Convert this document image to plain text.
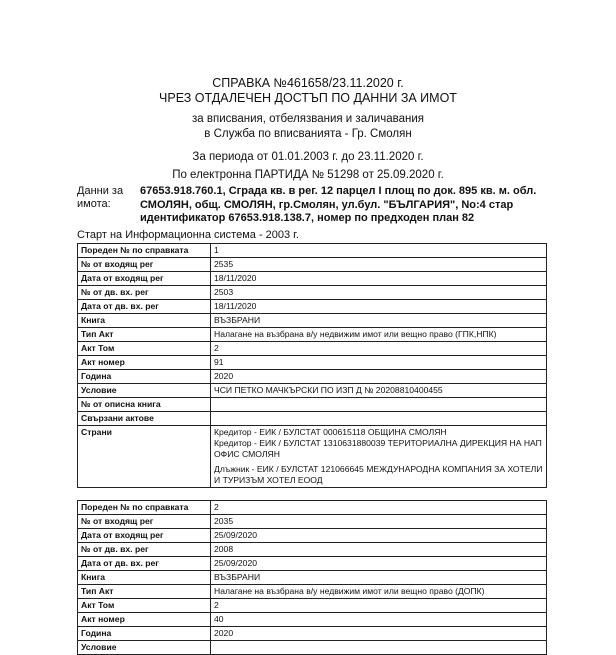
СПРАВКА №461658/23.11.2020 г.
ЧРЕЗ ОТДАЛЕЧЕН ДОСТЪП ПО ДАННИ ЗА ИМОТ
за вписвания, отбелязвания и заличавания
в Служба по вписванията - Гр. Смолян
За периода от 01.01.2003 г. до 23.11.2020 г.
По електронна ПАРТИДА № 51298 от 25.09.2020 г.
Данни за имота:
67653.918.760.1, Сграда кв. в рег. 12 парцел I площ по док. 895 кв. м. обл. СМОЛЯН, общ. СМОЛЯН, гр.Смолян, ул.бул. "БЪЛГАРИЯ", No:4 стар идентификатор 67653.918.138.7, номер по предходен план 82
Старт на Информационна система - 2003 г.
Пореден № по справката	1
№ от входящ рег	2535
Дата от входящ рег	18/11/2020
№ от дв. вх. рег	2503
Дата от дв. вх. рег	18/11/2020
Книга	ВЪЗБРАНИ
Тип Акт	Налагане на възбрана в/у недвижим имот или вещно право (ГПК,НПК)
Акт Том	2
Акт номер	91
Година	2020
Условие	ЧСИ ПЕТКО МАЧКЪРСКИ ПО ИЗП Д № 20208810400455
№ от описна книга	
Свързани актове	
Страни	Кредитор - ЕИК / БУЛСТАТ 000615118 ОБЩИНА СМОЛЯН
Кредитор - ЕИК / БУЛСТАТ 1310631880039 ТЕРИТОРИАЛНА ДИРЕКЦИЯ НА НАП ОФИС СМОЛЯН
Длъжник - ЕИК / БУЛСТАТ 121066645 МЕЖДУНАРОДНА КОМПАНИЯ ЗА ХОТЕЛИ И ТУРИЗЪМ ХОТЕЛ ЕООД
Пореден № по справката	2
№ от входящ рег	2035
Дата от входящ рег	25/09/2020
№ от дв. вх. рег	2008
Дата от дв. вх. рег	25/09/2020
Книга	ВЪЗБРАНИ
Тип Акт	Налагане на възбрана в/у недвижим имот или вещно право (ДОПК)
Акт Том	2
Акт номер	40
Година	2020
Условие	
